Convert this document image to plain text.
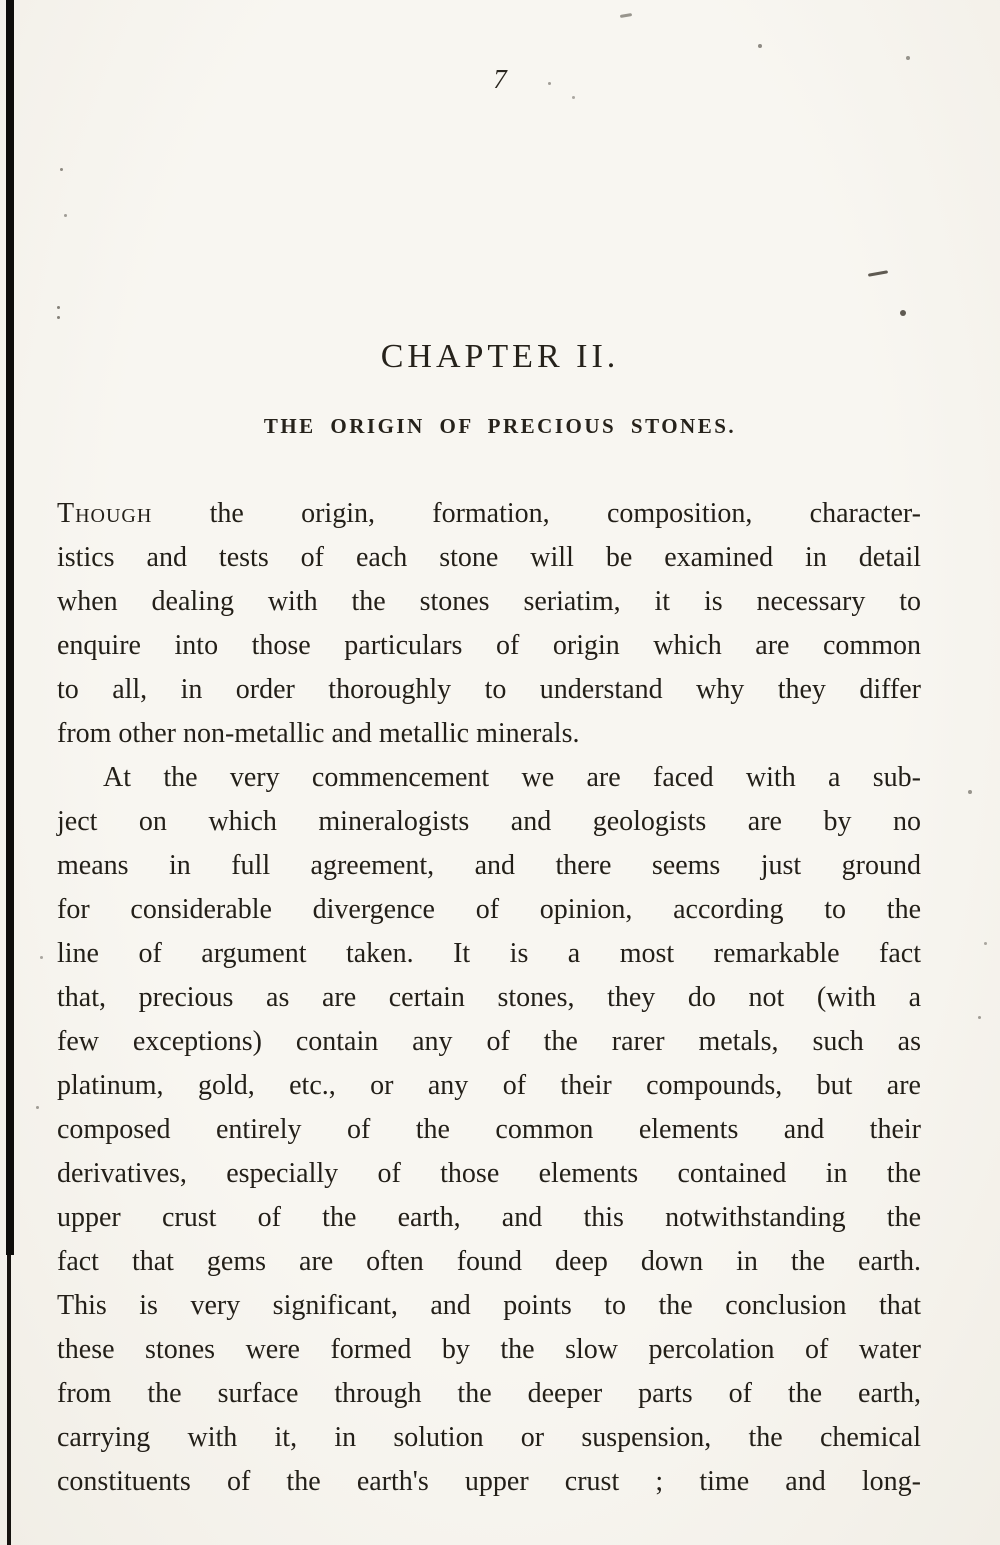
7
CHAPTER II.
THE ORIGIN OF PRECIOUS STONES.
Though the origin, formation, composition, character-
istics and tests of each stone will be examined in detail
when dealing with the stones seriatim, it is necessary to
enquire into those particulars of origin which are common
to all, in order thoroughly to understand why they differ
from other non-metallic and metallic minerals.
At the very commencement we are faced with a sub-
ject on which mineralogists and geologists are by no
means in full agreement, and there seems just ground
for considerable divergence of opinion, according to the
line of argument taken. It is a most remarkable fact
that, precious as are certain stones, they do not (with a
few exceptions) contain any of the rarer metals, such as
platinum, gold, etc., or any of their compounds, but are
composed entirely of the common elements and their
derivatives, especially of those elements contained in the
upper crust of the earth, and this notwithstanding the
fact that gems are often found deep down in the earth.
This is very significant, and points to the conclusion that
these stones were formed by the slow percolation of water
from the surface through the deeper parts of the earth,
carrying with it, in solution or suspension, the chemical
constituents of the earth's upper crust ; time and long-
